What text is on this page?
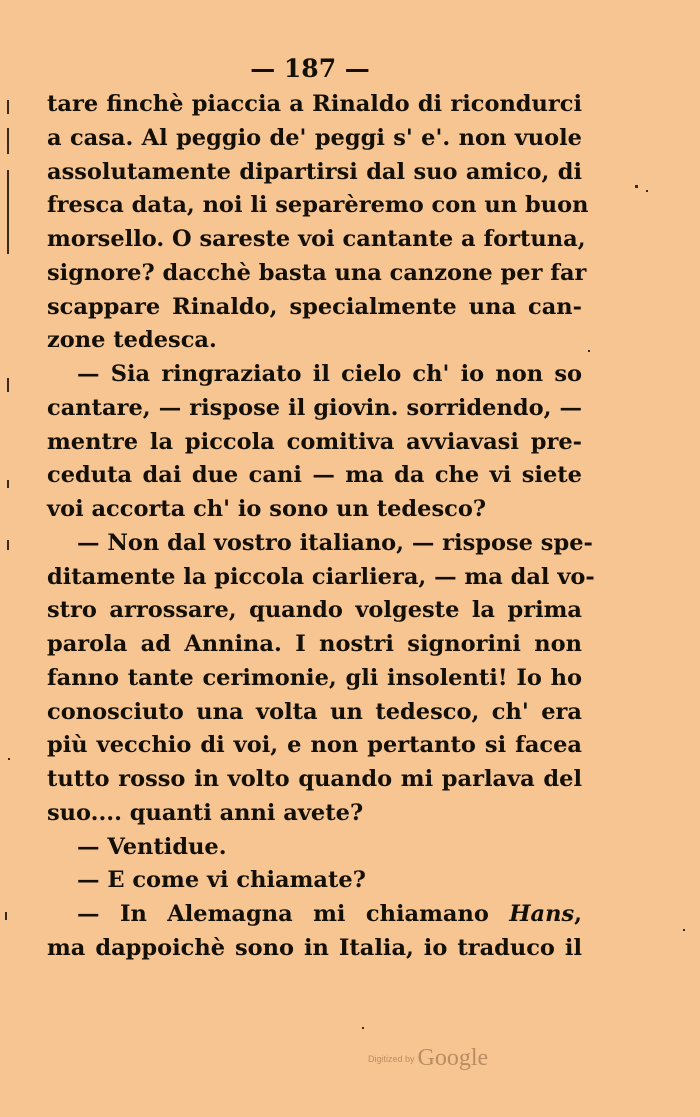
— 187 —
tare finchè piaccia a Rinaldo di ricondurci
a casa. Al peggio de' peggi s' e'. non vuole
assolutamente dipartirsi dal suo amico, di
fresca data, noi li separèremo con un buon
morsello. O sareste voi cantante a fortuna,
signore? dacchè basta una canzone per far
scappare Rinaldo, specialmente una can-
zone tedesca.
— Sia ringraziato il cielo ch' io non so
cantare, — rispose il giovin. sorridendo, —
mentre la piccola comitiva avviavasi pre-
ceduta dai due cani — ma da che vi siete
voi accorta ch' io sono un tedesco?
— Non dal vostro italiano, — rispose spe-
ditamente la piccola ciarliera, — ma dal vo-
stro arrossare, quando volgeste la prima
parola ad Annina. I nostri signorini non
fanno tante cerimonie, gli insolenti! Io ho
conosciuto una volta un tedesco, ch' era
più vecchio di voi, e non pertanto si facea
tutto rosso in volto quando mi parlava del
suo.... quanti anni avete?
— Ventidue.
— E come vi chiamate?
— In Alemagna mi chiamano Hans,
ma dappoichè sono in Italia, io traduco il
Digitized by Google
